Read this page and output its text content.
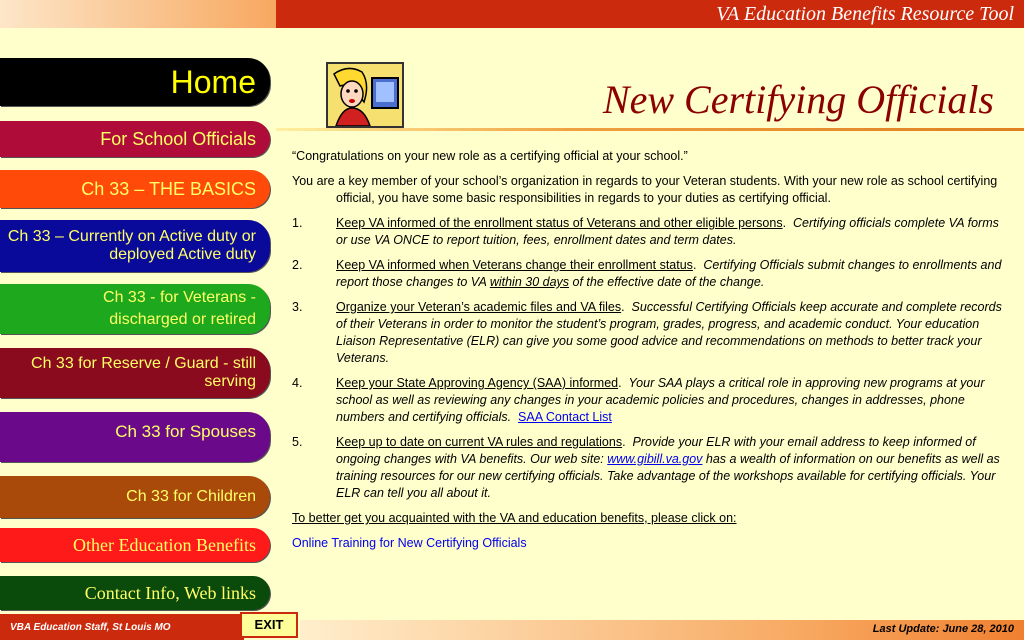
VA Education Benefits Resource Tool
Home
For School Officials
Ch 33 – THE BASICS
Ch 33 – Currently on Active duty or deployed Active duty
Ch 33 - for Veterans - discharged or retired
Ch 33 for Reserve / Guard - still serving
Ch 33 for Spouses
Ch 33 for Children
Other Education Benefits
Contact Info, Web links
New Certifying Officials

“Congratulations on your new role as a certifying official at your school.”

You are a key member of your school’s organization in regards to your Veteran students. With your new role as school certifying official, you have some basic responsibilities in regards to your duties as certifying official.

1.	Keep VA informed of the enrollment status of Veterans and other eligible persons.  Certifying officials complete VA forms or use VA ONCE to report tuition, fees, enrollment dates and term dates.
2.	Keep VA informed when Veterans change their enrollment status.  Certifying Officials submit changes to enrollments and report those changes to VA within 30 days of the effective date of the change.
3.	Organize your Veteran’s academic files and VA files.  Successful Certifying Officials keep accurate and complete records of their Veterans in order to monitor the student’s program, grades, progress, and academic conduct. Your education Liaison Representative (ELR) can give you some good advice and recommendations on methods to better track your Veterans.
4.	Keep your State Approving Agency (SAA) informed.  Your SAA plays a critical role in approving new programs at your school as well as reviewing any changes in your academic policies and procedures, changes in addresses, phone numbers and certifying officials. SAA Contact List
5.	Keep up to date on current VA rules and regulations.  Provide your ELR with your email address to keep informed of ongoing changes with VA benefits. Our web site: www.gibill.va.gov has a wealth of information on our benefits as well as training resources for our new certifying officials. Take advantage of the workshops available for certifying officials. Your ELR can tell you all about it.

To better get you acquainted with the VA and education benefits, please click on:

Online Training for New Certifying Officials

VBA Education Staff, St Louis MO	EXIT	Last Update: June 28, 2010
